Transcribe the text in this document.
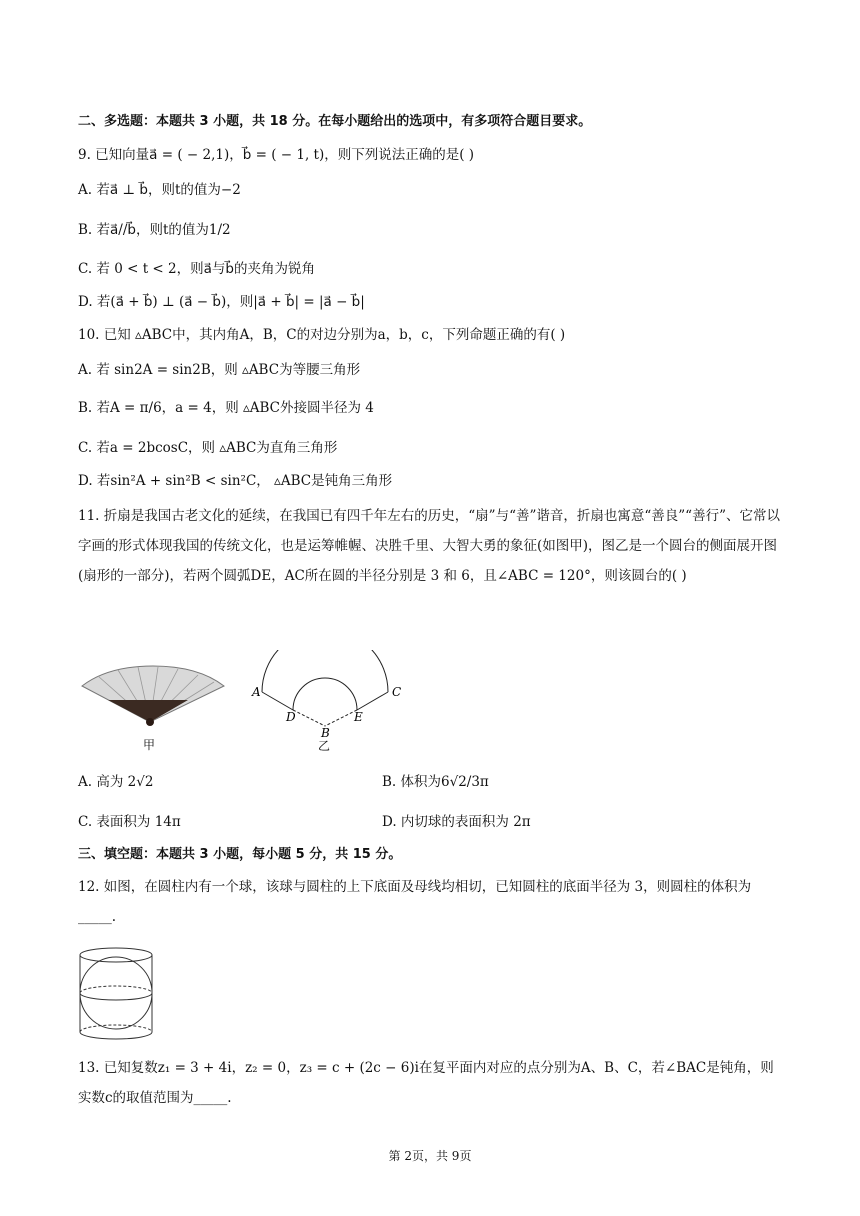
二、多选题：本题共 3 小题，共 18 分。在每小题给出的选项中，有多项符合题目要求。
9. 已知向量a⃗ = ( − 2,1)，b⃗ = ( − 1, t)，则下列说法正确的是( )
A. 若a⃗ ⊥ b⃗，则t的值为−2
B. 若a⃗//b⃗，则t的值为1/2
C. 若 0 < t < 2，则a⃗与b⃗的夹角为锐角
D. 若(a⃗ + b⃗) ⊥ (a⃗ − b⃗)，则|a⃗ + b⃗| = |a⃗ − b⃗|
10. 已知 ▵ABC中，其内角A，B，C的对边分别为a，b，c，下列命题正确的有( )
A. 若 sin2A = sin2B，则 ▵ABC为等腰三角形
B. 若A = π/6，a = 4，则 ▵ABC外接圆半径为 4
C. 若a = 2bcosC，则 ▵ABC为直角三角形
D. 若sin²A + sin²B < sin²C， ▵ABC是钝角三角形
11. 折扇是我国古老文化的延续，在我国已有四千年左右的历史，“扇”与“善”谐音，折扇也寓意“善良”“善行”、它常以字画的形式体现我国的传统文化，也是运筹帷幄、决胜千里、大智大勇的象征(如图甲)，图乙是一个圆台的侧面展开图(扇形的一部分)，若两个圆弧DE，AC所在圆的半径分别是 3 和 6，且∠ABC = 120°，则该圆台的( )
甲
A	C
D	E
B
乙
A. 高为 2√2	B. 体积为6√2/3π
C. 表面积为 14π	D. 内切球的表面积为 2π
三、填空题：本题共 3 小题，每小题 5 分，共 15 分。
12. 如图，在圆柱内有一个球，该球与圆柱的上下底面及母线均相切，已知圆柱的底面半径为 3，则圆柱的体积为_____.
13. 已知复数z₁ = 3 + 4i，z₂ = 0，z₃ = c + (2c − 6)i在复平面内对应的点分别为A、B、C，若∠BAC是钝角，则实数c的取值范围为_____.
第 2页，共 9页
